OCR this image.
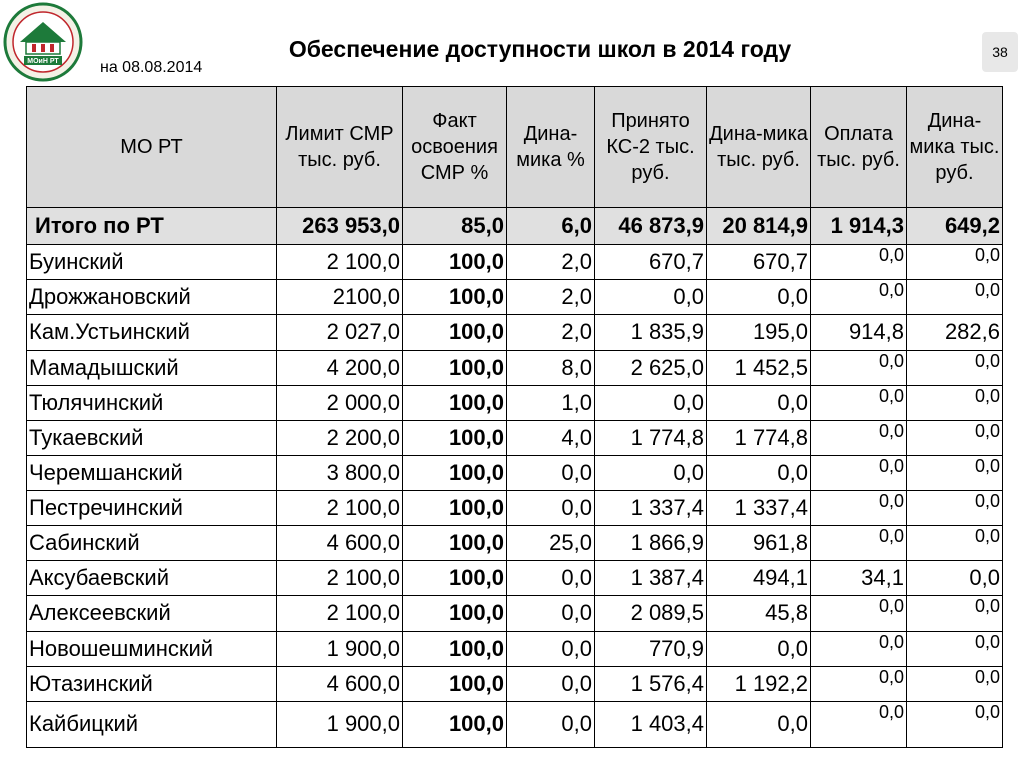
МОиН РТ	Обеспечение доступности школ в 2014 году
на 08.08.2014
38
МО РТ	Лимит СМР тыс. руб.	Факт освоения СМР %	Дина-мика %	Принято КС-2 тыс. руб.	Дина-мика тыс. руб.	Оплата тыс. руб.	Дина-мика тыс. руб.
Итого по РТ	263 953,0	85,0	6,0	46 873,9	20 814,9	1 914,3	649,2
Буинский	2 100,0	100,0	2,0	670,7	670,7	0,0	0,0
Дрожжановский	2100,0	100,0	2,0	0,0	0,0	0,0	0,0
Кам.Устьинский	2 027,0	100,0	2,0	1 835,9	195,0	914,8	282,6
Мамадышский	4 200,0	100,0	8,0	2 625,0	1 452,5	0,0	0,0
Тюлячинский	2 000,0	100,0	1,0	0,0	0,0	0,0	0,0
Тукаевский	2 200,0	100,0	4,0	1 774,8	1 774,8	0,0	0,0
Черемшанский	3 800,0	100,0	0,0	0,0	0,0	0,0	0,0
Пестречинский	2 100,0	100,0	0,0	1 337,4	1 337,4	0,0	0,0
Сабинский	4 600,0	100,0	25,0	1 866,9	961,8	0,0	0,0
Аксубаевский	2 100,0	100,0	0,0	1 387,4	494,1	34,1	0,0
Алексеевский	2 100,0	100,0	0,0	2 089,5	45,8	0,0	0,0
Новошешминский	1 900,0	100,0	0,0	770,9	0,0	0,0	0,0
Ютазинский	4 600,0	100,0	0,0	1 576,4	1 192,2	0,0	0,0
Кайбицкий	1 900,0	100,0	0,0	1 403,4	0,0	0,0	0,0
